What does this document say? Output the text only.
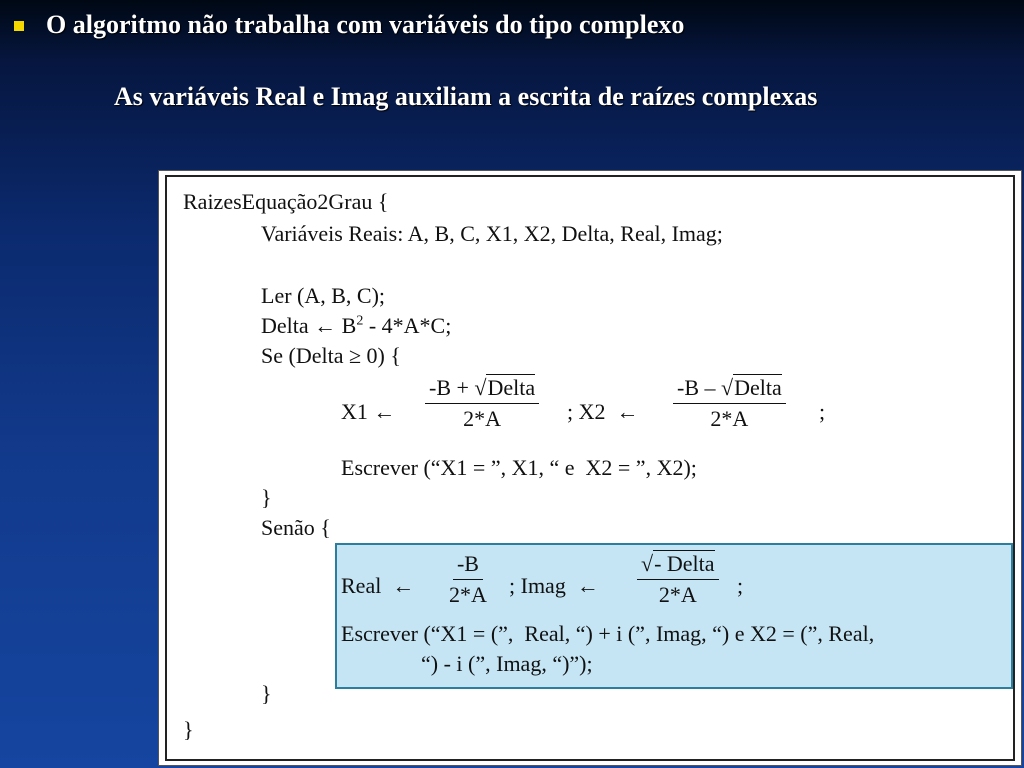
O algoritmo não trabalha com variáveis do tipo complexo
As variáveis Real e Imag auxiliam a escrita de raízes complexas
RaizesEquação2Grau {
Variáveis Reais: A, B, C, X1, X2, Delta, Real, Imag;
Ler (A, B, C);
Delta ← $B^2 - 4*A*C$;
Se (Delta ≥ 0) {
X1 ←
-B + √Delta
2*A	; X2  ←
-B – √Delta
2*A	;
Escrever (“X1 = ”, X1, “ e  X2 = ”, X2);
}
Senão {
Real  ← $\frac{-B}{2*A}$ ; Imag  ←
√- Delta
2*A ;
Escrever (“X1 = (”,  Real, “) + i (”, Imag, “) e X2 = (”, Real,
“) - i (”, Imag, “)”);
}
}
